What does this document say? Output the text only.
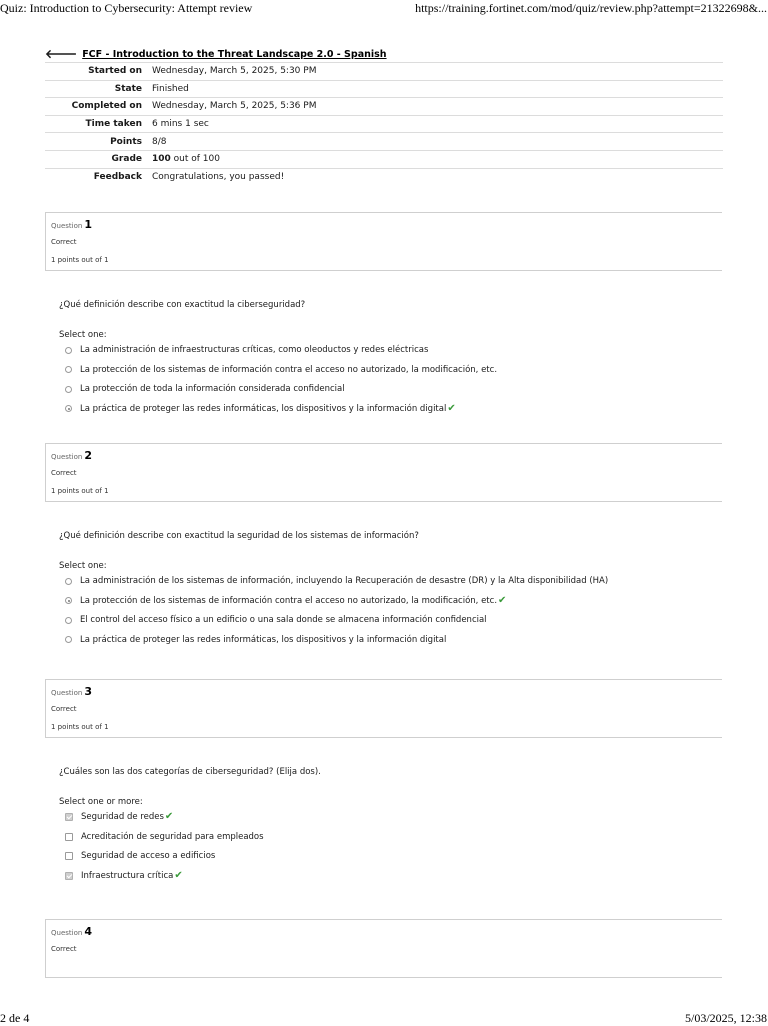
Quiz: Introduction to Cybersecurity: Attempt review	https://training.fortinet.com/mod/quiz/review.php?attempt=21322698&...
🡐 FCF - Introduction to the Threat Landscape 2.0 - Spanish
Started on	Wednesday, March 5, 2025, 5:30 PM
State	Finished
Completed on	Wednesday, March 5, 2025, 5:36 PM
Time taken	6 mins 1 sec
Points	8/8
Grade	100 out of 100
Feedback	Congratulations, you passed!
Question 1
Correct
1 points out of 1
¿Qué definición describe con exactitud la ciberseguridad?
Select one:
La administración de infraestructuras críticas, como oleoductos y redes eléctricas
La protección de los sistemas de información contra el acceso no autorizado, la modificación, etc.
La protección de toda la información considerada confidencial
La práctica de proteger las redes informáticas, los dispositivos y la información digital ✔
Question 2
Correct
1 points out of 1
¿Qué definición describe con exactitud la seguridad de los sistemas de información?
Select one:
La administración de los sistemas de información, incluyendo la Recuperación de desastre (DR) y la Alta disponibilidad (HA)
La protección de los sistemas de información contra el acceso no autorizado, la modificación, etc. ✔
El control del acceso físico a un edificio o una sala donde se almacena información confidencial
La práctica de proteger las redes informáticas, los dispositivos y la información digital
Question 3
Correct
1 points out of 1
¿Cuáles son las dos categorías de ciberseguridad? (Elija dos).
Select one or more:
Seguridad de redes ✔
Acreditación de seguridad para empleados
Seguridad de acceso a edificios
Infraestructura crítica ✔
Question 4
Correct
2 de 4	5/03/2025, 12:38
